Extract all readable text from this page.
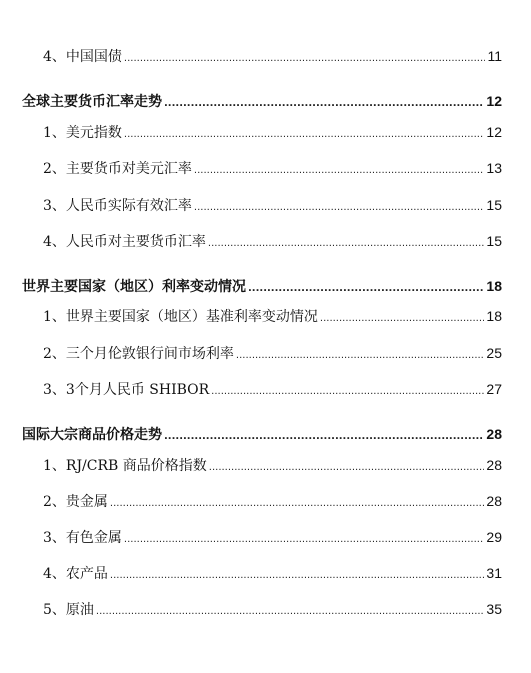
4、中国国债 .....	11
全球主要货币汇率走势 .....	12
1、美元指数 .....	12
2、主要货币对美元汇率 .....	13
3、人民币实际有效汇率 .....	15
4、人民币对主要货币汇率 .....	15
世界主要国家（地区）利率变动情况 .....	18
1、世界主要国家（地区）基准利率变动情况 .....	18
2、三个月伦敦银行间市场利率 .....	25
3、3个月人民币 SHIBOR .....	27
国际大宗商品价格走势 .....	28
1、RJ/CRB 商品价格指数 .....	28
2、贵金属 .....	28
3、有色金属 .....	29
4、农产品 .....	31
5、原油 .....	35
